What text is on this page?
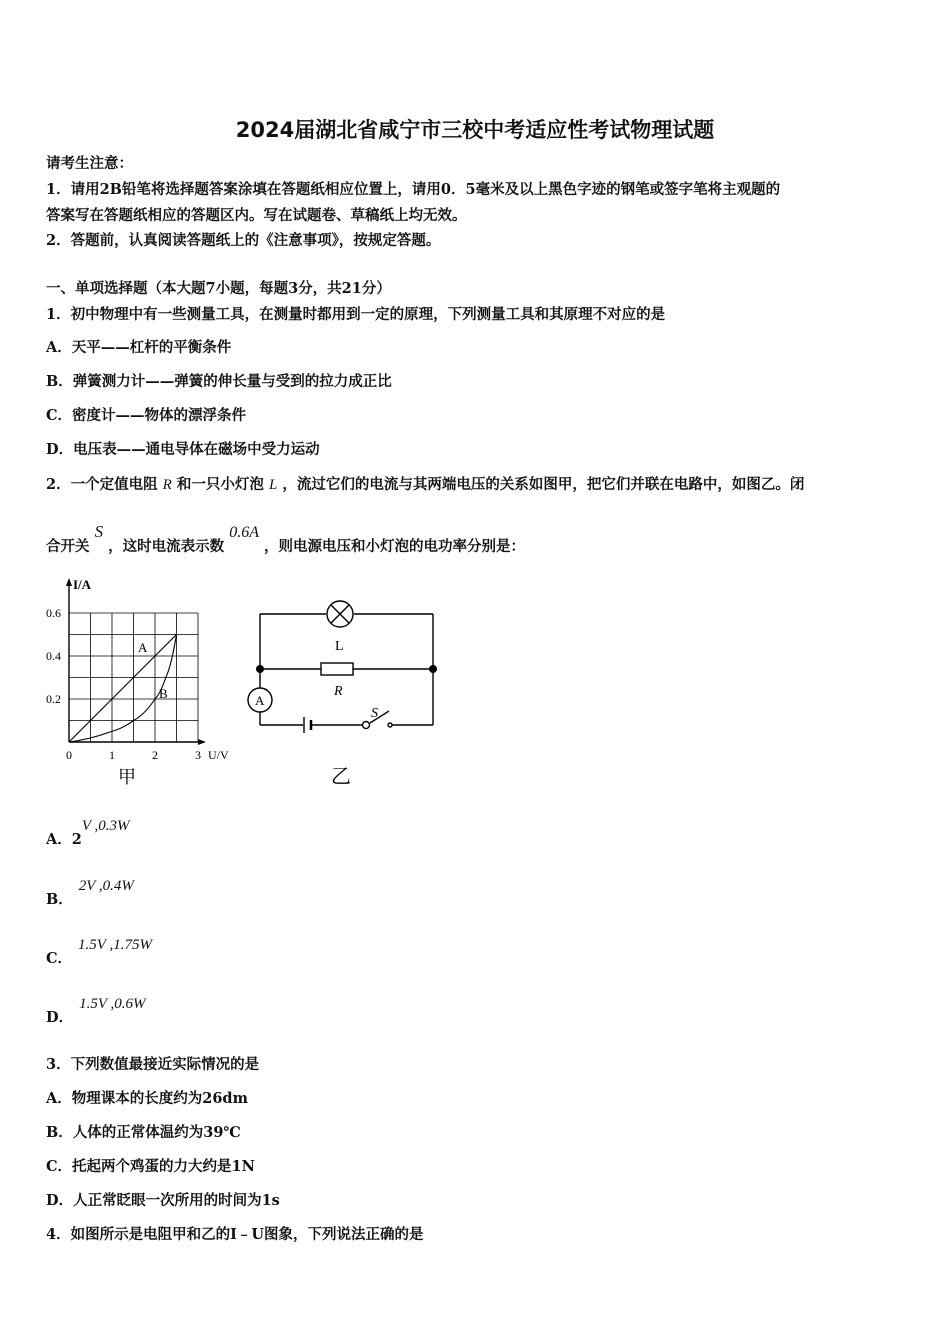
2024届湖北省咸宁市三校中考适应性考试物理试题
请考生注意：
1．请用2B铅笔将选择题答案涂填在答题纸相应位置上，请用0．5毫米及以上黑色字迹的钢笔或签字笔将主观题的
答案写在答题纸相应的答题区内。写在试题卷、草稿纸上均无效。
2．答题前，认真阅读答题纸上的《注意事项》，按规定答题。
一、单项选择题（本大题7小题，每题3分，共21分）
1．初中物理中有一些测量工具，在测量时都用到一定的原理，下列测量工具和其原理不对应的是
A．天平——杠杆的平衡条件
B．弹簧测力计——弹簧的伸长量与受到的拉力成正比
C．密度计——物体的漂浮条件
D．电压表——通电导体在磁场中受力运动
2．一个定值电阻 R 和一只小灯泡 L ，流过它们的电流与其两端电压的关系如图甲，把它们并联在电路中，如图乙。闭
合开关 S ，这时电流表示数 0.6A ，则电源电压和小灯泡的电功率分别是：
I/A
U/V
0.6
0.4
0.2
0	1	2	3
A
B
甲
L
R
A
S
乙
A．2V ,0.3W
B．2V ,0.4W
C．1.5V ,1.75W
D．1.5V ,0.6W
3．下列数值最接近实际情况的是
A．物理课本的长度约为26dm
B．人体的正常体温约为39℃
C．托起两个鸡蛋的力大约是1N
D．人正常眨眼一次所用的时间为1s
4．如图所示是电阻甲和乙的I﹣U图象，下列说法正确的是
